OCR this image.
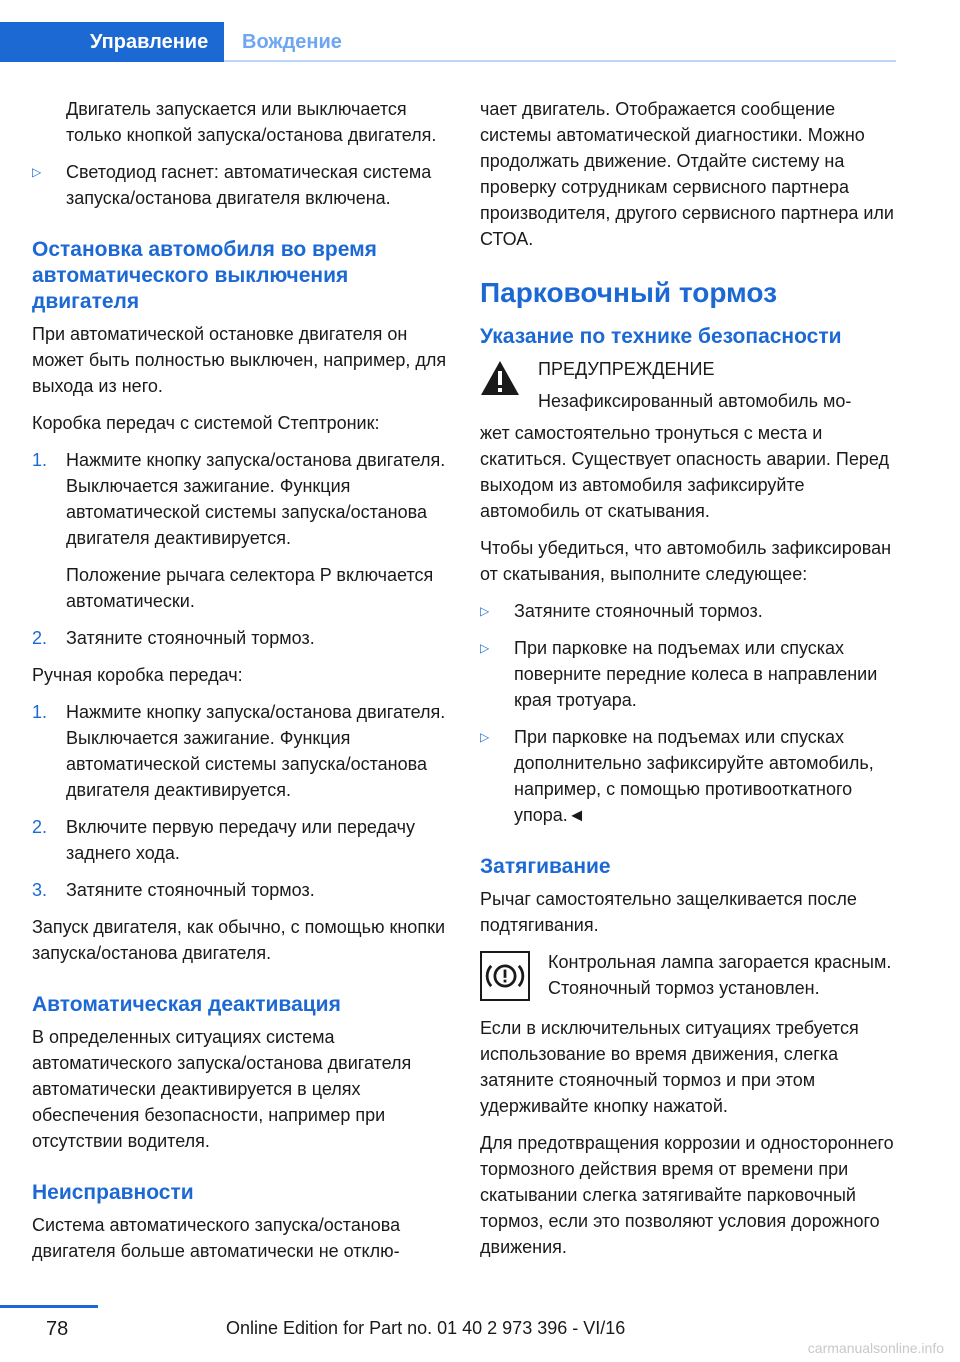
Управление	Вождение

Двигатель запускается или выключается только кнопкой запуска/останова двигателя.

▷	Светодиод гаснет: автоматическая система запуска/останова двигателя включена.
Остановка автомобиля во время автоматического выключения двигателя

При автоматической остановке двигателя он может быть полностью выключен, например, для выхода из него.

Коробка передач с системой Стептроник:

1.	Нажмите кнопку запуска/останова двигателя. Выключается зажигание. Функция автоматической системы запуска/останова двигателя деактивируется.

Положение рычага селектора P включается автоматически.

2.	Затяните стояночный тормоз.

Ручная коробка передач:

1.	Нажмите кнопку запуска/останова двигателя. Выключается зажигание. Функция автоматической системы запуска/останова двигателя деактивируется.
2.	Включите первую передачу или передачу заднего хода.
3.	Затяните стояночный тормоз.

Запуск двигателя, как обычно, с помощью кнопки запуска/останова двигателя.

Автоматическая деактивация

В определенных ситуациях система автоматического запуска/останова двигателя автоматически деактивируется в целях обеспечения безопасности, например при отсутствии водителя.

Неисправности

Система автоматического запуска/останова двигателя больше автоматически не отклю-

чает двигатель. Отображается сообщение системы автоматической диагностики. Можно продолжать движение. Отдайте систему на проверку сотрудникам сервисного партнера производителя, другого сервисного партнера или СТОА.

Парковочный тормоз
Указание по технике безопасности

ПРЕДУПРЕЖДЕНИЕ

Незафиксированный автомобиль мо-

жет самостоятельно тронуться с места и скатиться. Существует опасность аварии. Перед выходом из автомобиля зафиксируйте автомобиль от скатывания.

Чтобы убедиться, что автомобиль зафиксирован от скатывания, выполните следующее:

▷	Затяните стояночный тормоз.
▷	При парковке на подъемах или спусках поверните передние колеса в направлении края тротуара.
▷	При парковке на подъемах или спусках дополнительно зафиксируйте автомобиль, например, с помощью противооткатного упора.◄
Затягивание

Рычаг самостоятельно защелкивается после подтягивания.

Контрольная лампа загорается красным. Стояночный тормоз установлен.

Если в исключительных ситуациях требуется использование во время движения, слегка затяните стояночный тормоз и при этом удерживайте кнопку нажатой.

Для предотвращения коррозии и одностороннего тормозного действия время от времени при скатывании слегка затягивайте парковочный тормоз, если это позволяют условия дорожного движения.

78	Online Edition for Part no. 01 40 2 973 396 - VI/16
carmanualsonline.info
